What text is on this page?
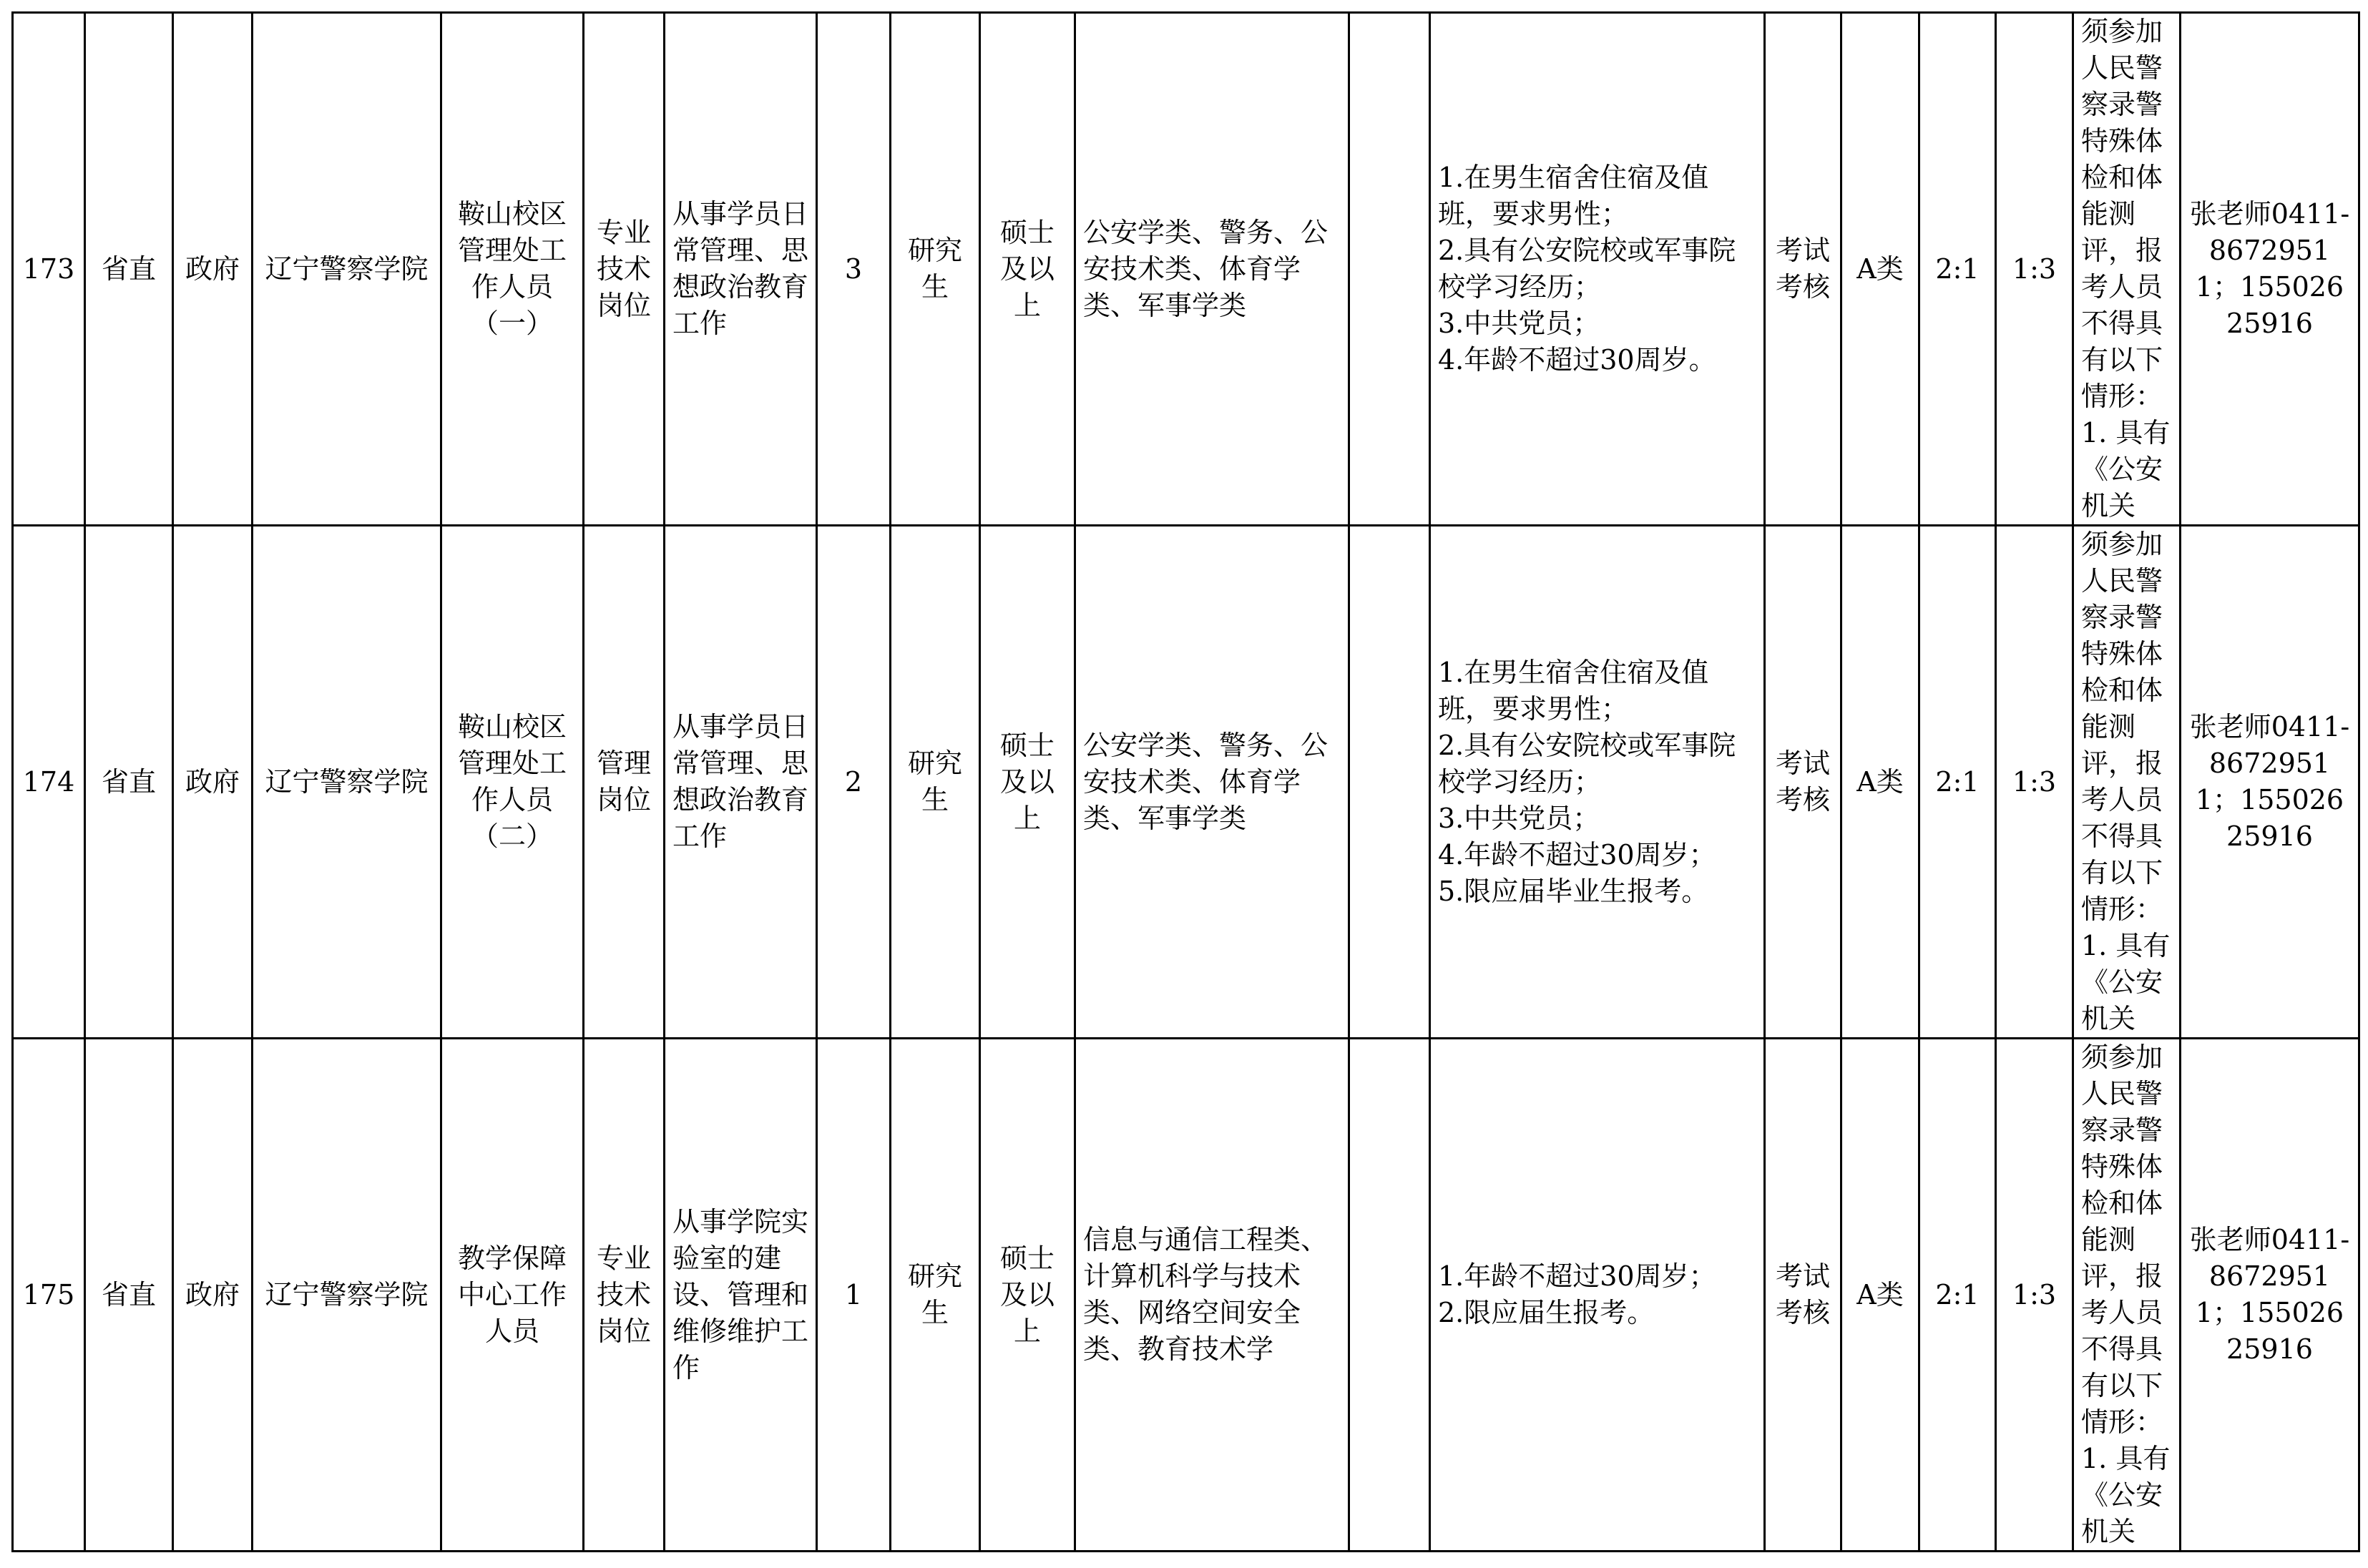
173	省直	政府	辽宁警察学院	鞍山校区管理处工作人员（一）	专业技术岗位	从事学员日常管理、思想政治教育工作	3	研究生	硕士及以上	公安学类、警务、公安技术类、体育学类、军事学类		1.在男生宿舍住宿及值班，要求男性；
2.具有公安院校或军事院校学习经历；
3.中共党员；
4.年龄不超过30周岁。	考试考核	A类	2:1	1:3	须参加人民警察录警特殊体检和体能测评，报考人员不得具有以下情形：1. 具有《公安机关	张老师0411-86729511；15502625916
174	省直	政府	辽宁警察学院	鞍山校区管理处工作人员（二）	管理岗位	从事学员日常管理、思想政治教育工作	2	研究生	硕士及以上	公安学类、警务、公安技术类、体育学类、军事学类		1.在男生宿舍住宿及值班，要求男性；
2.具有公安院校或军事院校学习经历；
3.中共党员；
4.年龄不超过30周岁；
5.限应届毕业生报考。	考试考核	A类	2:1	1:3	须参加人民警察录警特殊体检和体能测评，报考人员不得具有以下情形：1. 具有《公安机关	张老师0411-86729511；15502625916
175	省直	政府	辽宁警察学院	教学保障中心工作人员	专业技术岗位	从事学院实验室的建设、管理和维修维护工作	1	研究生	硕士及以上	信息与通信工程类、计算机科学与技术类、网络空间安全类、教育技术学		1.年龄不超过30周岁；
2.限应届生报考。	考试考核	A类	2:1	1:3	须参加人民警察录警特殊体检和体能测评，报考人员不得具有以下情形：1. 具有《公安机关	张老师0411-86729511；15502625916
